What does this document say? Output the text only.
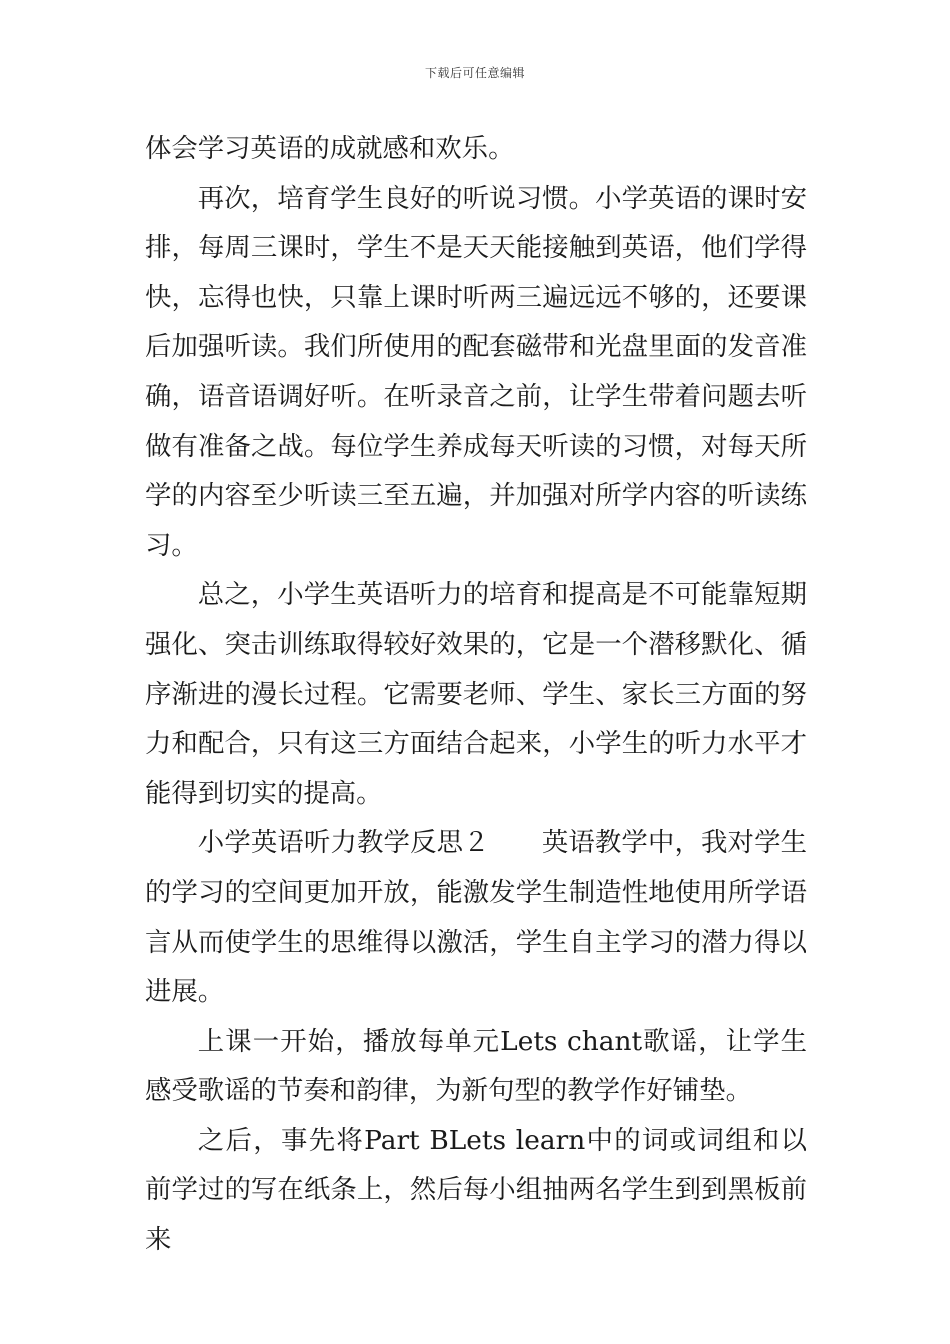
下载后可任意编辑

体会学习英语的成就感和欢乐。

再次，培育学生良好的听说习惯。小学英语的课时安排，每周三课时，学生不是天天能接触到英语，他们学得快，忘得也快，只靠上课时听两三遍远远不够的，还要课后加强听读。我们所使用的配套磁带和光盘里面的发音准确，语音语调好听。在听录音之前，让学生带着问题去听做有准备之战。每位学生养成每天听读的习惯，对每天所学的内容至少听读三至五遍，并加强对所学内容的听读练习。

总之，小学生英语听力的培育和提高是不可能靠短期强化、突击训练取得较好效果的，它是一个潜移默化、循序渐进的漫长过程。它需要老师、学生、家长三方面的努力和配合，只有这三方面结合起来，小学生的听力水平才能得到切实的提高。

小学英语听力教学反思２ 英语教学中，我对学生的学习的空间更加开放，能激发学生制造性地使用所学语言从而使学生的思维得以激活，学生自主学习的潜力得以进展。

上课一开始，播放每单元Lets chant歌谣，让学生感受歌谣的节奏和韵律，为新句型的教学作好铺垫。

之后，事先将Part BLets learn中的词或词组和以前学过的写在纸条上，然后每小组抽两名学生到到黑板前来
